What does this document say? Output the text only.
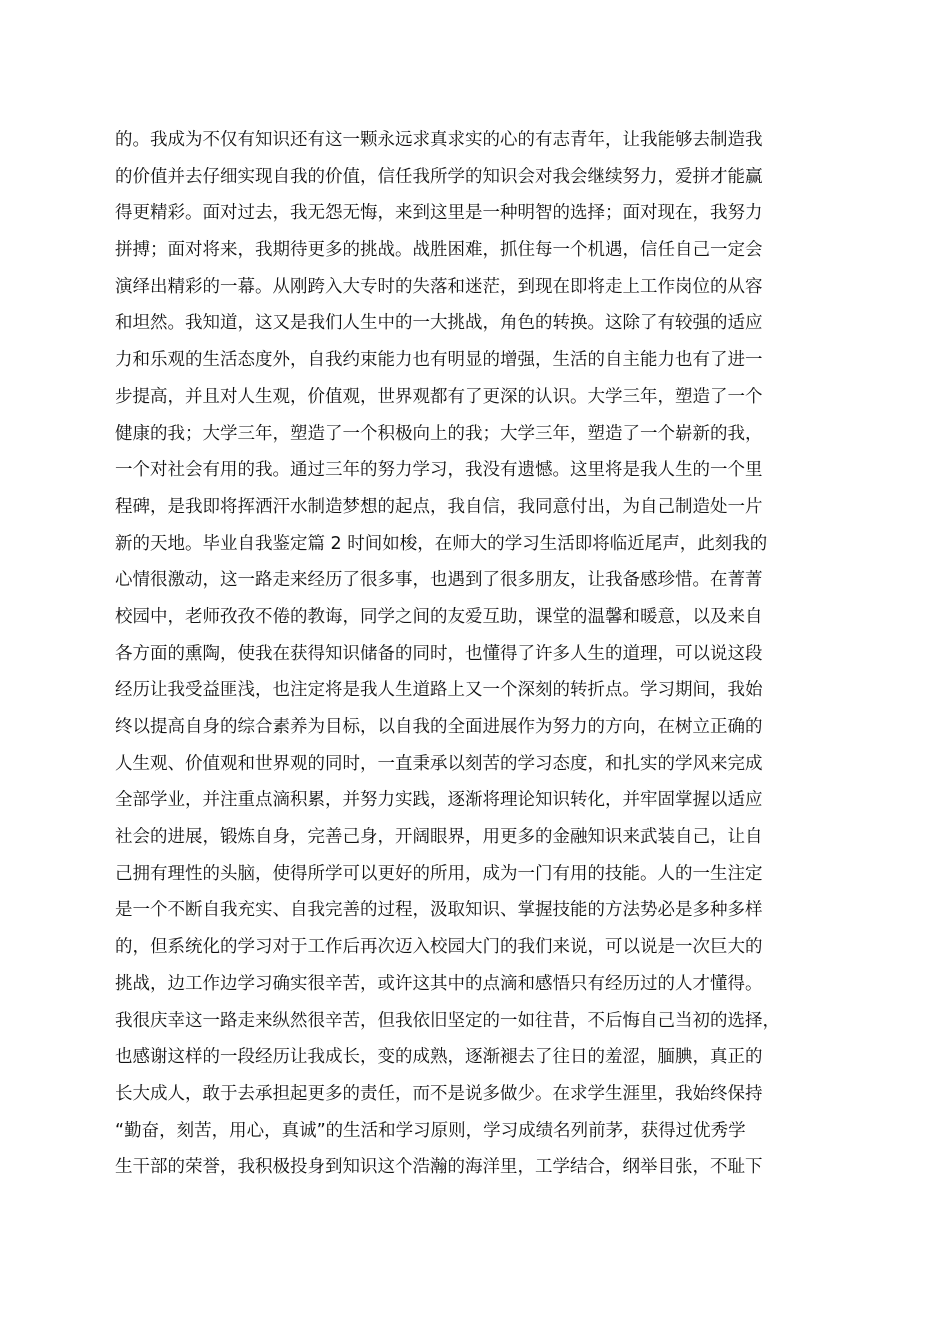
的。我成为不仅有知识还有这一颗永远求真求实的心的有志青年，让我能够去制造我
的价值并去仔细实现自我的价值，信任我所学的知识会对我会继续努力，爱拼才能赢
得更精彩。面对过去，我无怨无悔，来到这里是一种明智的选择；面对现在，我努力
拼搏；面对将来，我期待更多的挑战。战胜困难，抓住每一个机遇，信任自己一定会
演绎出精彩的一幕。从刚跨入大专时的失落和迷茫，到现在即将走上工作岗位的从容
和坦然。我知道，这又是我们人生中的一大挑战，角色的转换。这除了有较强的适应
力和乐观的生活态度外，自我约束能力也有明显的增强，生活的自主能力也有了进一
步提高，并且对人生观，价值观，世界观都有了更深的认识。大学三年，塑造了一个
健康的我；大学三年，塑造了一个积极向上的我；大学三年，塑造了一个崭新的我，
一个对社会有用的我。通过三年的努力学习，我没有遗憾。这里将是我人生的一个里
程碑，是我即将挥洒汗水制造梦想的起点，我自信，我同意付出，为自己制造处一片
新的天地。毕业自我鉴定篇 2 时间如梭，在师大的学习生活即将临近尾声，此刻我的
心情很激动，这一路走来经历了很多事，也遇到了很多朋友，让我备感珍惜。在菁菁
校园中，老师孜孜不倦的教诲，同学之间的友爱互助，课堂的温馨和暖意，以及来自
各方面的熏陶，使我在获得知识储备的同时，也懂得了许多人生的道理，可以说这段
经历让我受益匪浅，也注定将是我人生道路上又一个深刻的转折点。学习期间，我始
终以提高自身的综合素养为目标，以自我的全面进展作为努力的方向，在树立正确的
人生观、价值观和世界观的同时，一直秉承以刻苦的学习态度，和扎实的学风来完成
全部学业，并注重点滴积累，并努力实践，逐渐将理论知识转化，并牢固掌握以适应
社会的进展，锻炼自身，完善己身，开阔眼界，用更多的金融知识来武装自己，让自
己拥有理性的头脑，使得所学可以更好的所用，成为一门有用的技能。人的一生注定
是一个不断自我充实、自我完善的过程，汲取知识、掌握技能的方法势必是多种多样
的，但系统化的学习对于工作后再次迈入校园大门的我们来说，可以说是一次巨大的
挑战，边工作边学习确实很辛苦，或许这其中的点滴和感悟只有经历过的人才懂得。
我很庆幸这一路走来纵然很辛苦，但我依旧坚定的一如往昔，不后悔自己当初的选择，
也感谢这样的一段经历让我成长，变的成熟，逐渐褪去了往日的羞涩，腼腆，真正的
长大成人，敢于去承担起更多的责任，而不是说多做少。在求学生涯里，我始终保持
“勤奋，刻苦，用心，真诚”的生活和学习原则，学习成绩名列前茅，获得过优秀学
生干部的荣誉，我积极投身到知识这个浩瀚的海洋里，工学结合，纲举目张，不耻下
